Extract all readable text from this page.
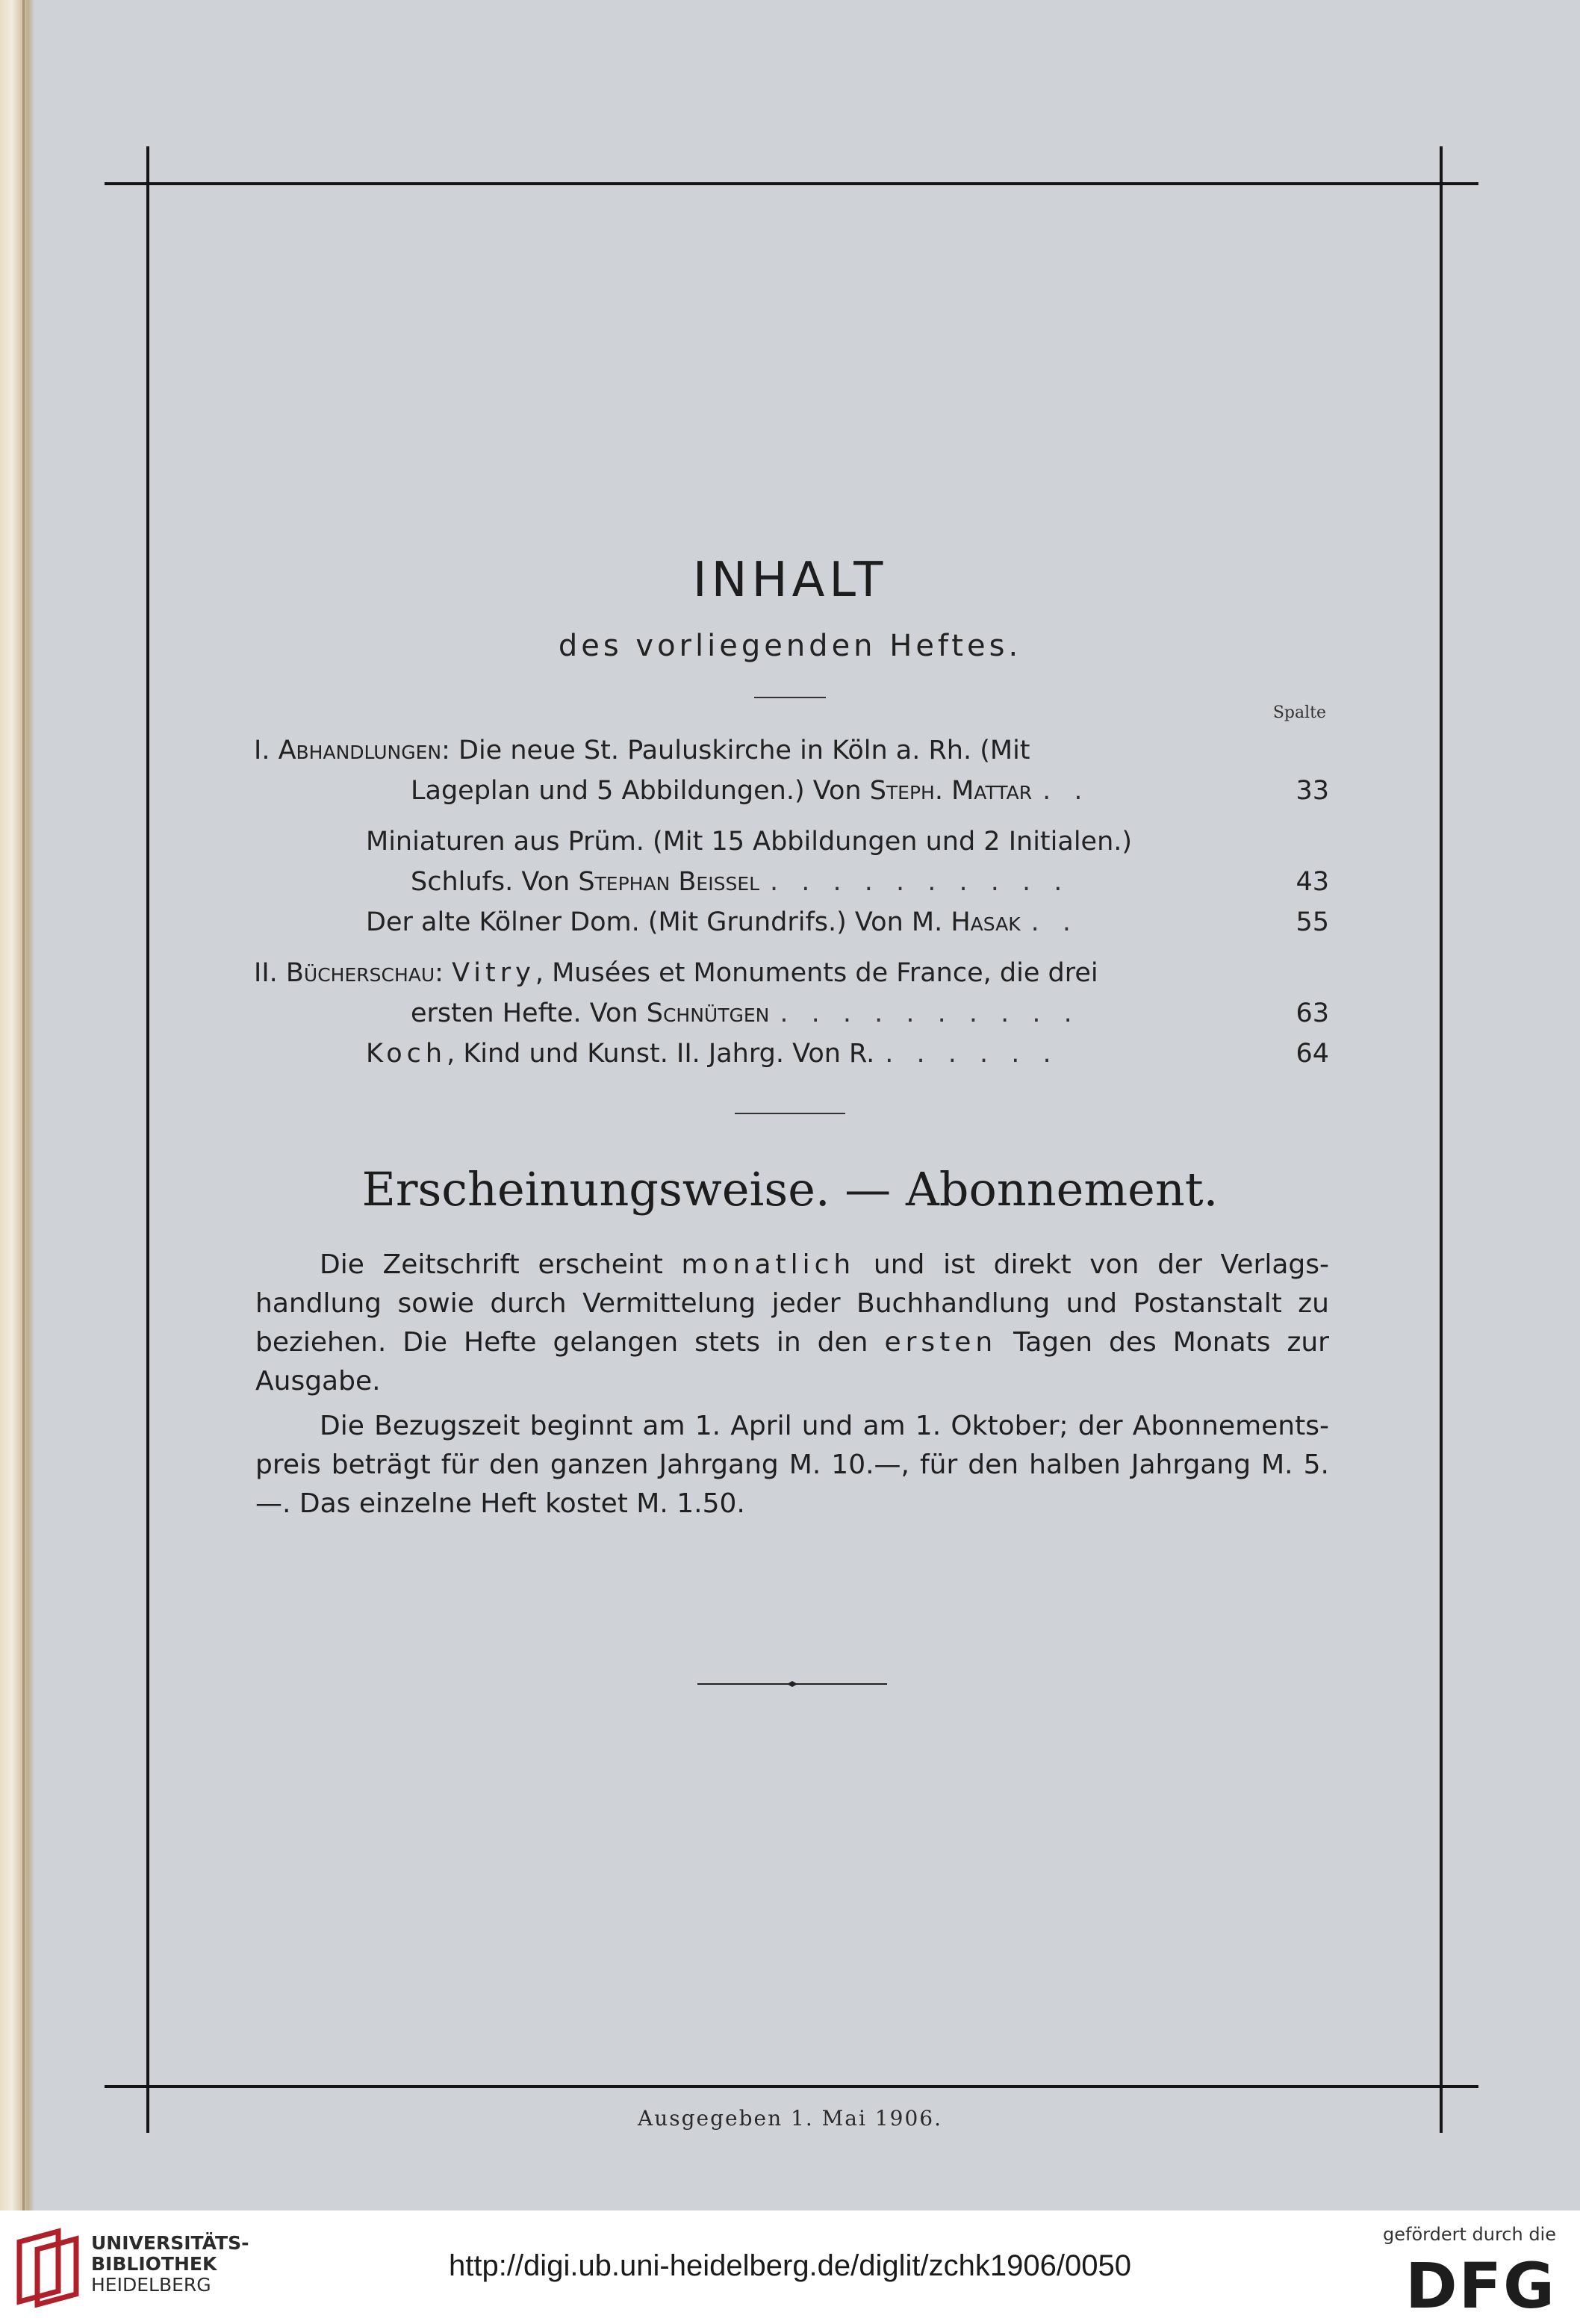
INHALT
des vorliegenden Heftes.
Spalte
I. Abhandlungen: Die neue St. Pauluskirche in Köln a. Rh. (Mit
Lageplan und 5 Abbildungen.) Von Steph. Mattar . .	33
Miniaturen aus Prüm. (Mit 15 Abbildungen und 2 Initialen.)
Schlufs. Von Stephan Beissel . . . . . . . . . .	43
Der alte Kölner Dom. (Mit Grundrifs.) Von M. Hasak . .	55
II. Bücherschau: Vitry, Musées et Monuments de France, die drei
ersten Hefte. Von Schnütgen . . . . . . . . . .	63
Koch, Kind und Kunst. II. Jahrg. Von R. . . . . . .	64
Erscheinungsweise. — Abonnement.
Die Zeitschrift erscheint monatlich und ist direkt von der Verlagshandlung sowie durch Vermittelung jeder Buchhandlung und Postanstalt zu beziehen. Die Hefte gelangen stets in den ersten Tagen des Monats zur Ausgabe.
Die Bezugszeit beginnt am 1. April und am 1. Oktober; der Abonnementspreis beträgt für den ganzen Jahrgang M. 10.—, für den halben Jahrgang M. 5.—. Das einzelne Heft kostet M. 1.50.
Ausgegeben 1. Mai 1906.
UNIVERSITÄTS-
BIBLIOTHEK
HEIDELBERG
http://digi.ub.uni-heidelberg.de/diglit/zchk1906/0050
gefördert durch die
DFG
